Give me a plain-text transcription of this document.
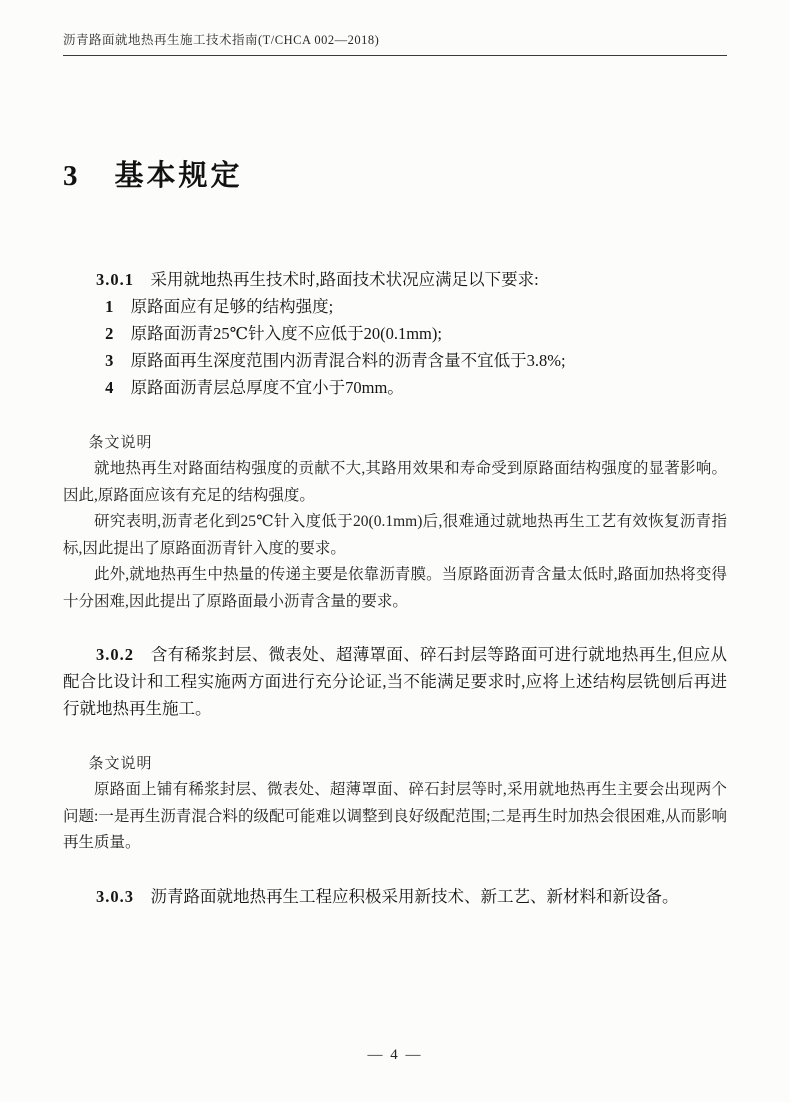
沥青路面就地热再生施工技术指南(T/CHCA 002—2018)
3 基本规定

3.0.1 采用就地热再生技术时,路面技术状况应满足以下要求:

1 原路面应有足够的结构强度;
2 原路面沥青25℃针入度不应低于20(0.1mm);
3 原路面再生深度范围内沥青混合料的沥青含量不宜低于3.8%;
4 原路面沥青层总厚度不宜小于70mm。
条文说明

就地热再生对路面结构强度的贡献不大,其路用效果和寿命受到原路面结构强度的显著影响。因此,原路面应该有充足的结构强度。

研究表明,沥青老化到25℃针入度低于20(0.1mm)后,很难通过就地热再生工艺有效恢复沥青指标,因此提出了原路面沥青针入度的要求。

此外,就地热再生中热量的传递主要是依靠沥青膜。当原路面沥青含量太低时,路面加热将变得十分困难,因此提出了原路面最小沥青含量的要求。

3.0.2 含有稀浆封层、微表处、超薄罩面、碎石封层等路面可进行就地热再生,但应从配合比设计和工程实施两方面进行充分论证,当不能满足要求时,应将上述结构层铣刨后再进行就地热再生施工。

条文说明

原路面上铺有稀浆封层、微表处、超薄罩面、碎石封层等时,采用就地热再生主要会出现两个问题:一是再生沥青混合料的级配可能难以调整到良好级配范围;二是再生时加热会很困难,从而影响再生质量。

3.0.3 沥青路面就地热再生工程应积极采用新技术、新工艺、新材料和新设备。

— 4 —
